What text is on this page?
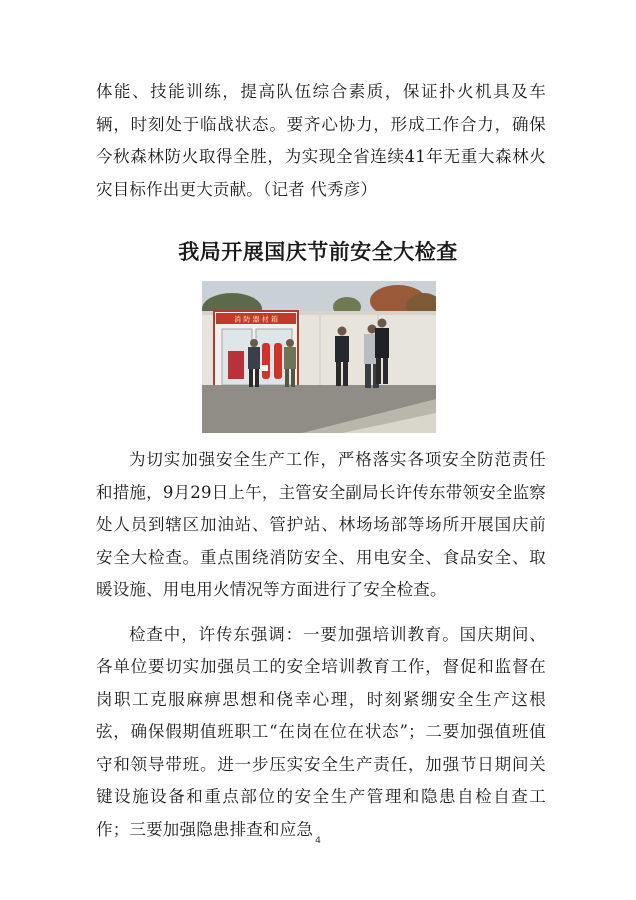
体能、技能训练，提高队伍综合素质，保证扑火机具及车辆，时刻处于临战状态。要齐心协力，形成工作合力，确保今秋森林防火取得全胜，为实现全省连续41年无重大森林火灾目标作出更大贡献。（记者 代秀彦）

我局开展国庆节前安全大检查
消 防 器 材 箱

为切实加强安全生产工作，严格落实各项安全防范责任和措施，9月29日上午，主管安全副局长许传东带领安全监察处人员到辖区加油站、管护站、林场场部等场所开展国庆前安全大检查。重点围绕消防安全、用电安全、食品安全、取暖设施、用电用火情况等方面进行了安全检查。

检查中，许传东强调：一要加强培训教育。国庆期间、各单位要切实加强员工的安全培训教育工作，督促和监督在岗职工克服麻痹思想和侥幸心理，时刻紧绷安全生产这根弦，确保假期值班职工“在岗在位在状态”；二要加强值班值守和领导带班。进一步压实安全生产责任，加强节日期间关键设施设备和重点部位的安全生产管理和隐患自检自查工作；三要加强隐患排查和应急

4
